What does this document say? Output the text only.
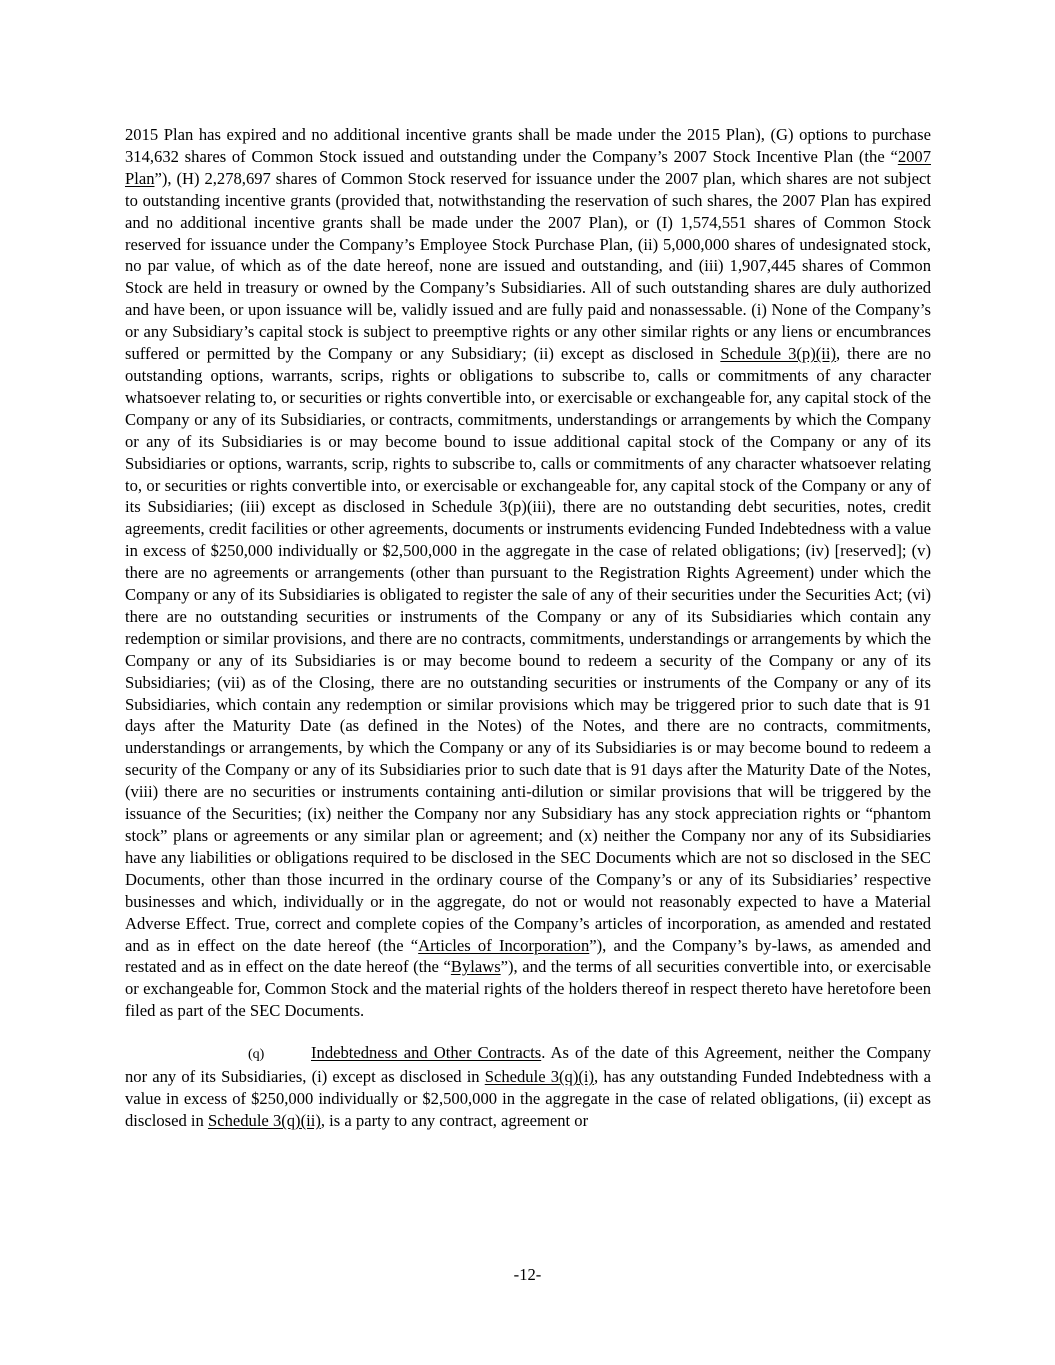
2015 Plan has expired and no additional incentive grants shall be made under the 2015 Plan), (G) options to purchase 314,632 shares of Common Stock issued and outstanding under the Company’s 2007 Stock Incentive Plan (the “2007 Plan”), (H) 2,278,697 shares of Common Stock reserved for issuance under the 2007 plan, which shares are not subject to outstanding incentive grants (provided that, notwithstanding the reservation of such shares, the 2007 Plan has expired and no additional incentive grants shall be made under the 2007 Plan), or (I) 1,574,551 shares of Common Stock reserved for issuance under the Company’s Employee Stock Purchase Plan, (ii) 5,000,000 shares of undesignated stock, no par value, of which as of the date hereof, none are issued and outstanding, and (iii) 1,907,445 shares of Common Stock are held in treasury or owned by the Company’s Subsidiaries. All of such outstanding shares are duly authorized and have been, or upon issuance will be, validly issued and are fully paid and nonassessable. (i) None of the Company’s or any Subsidiary’s capital stock is subject to preemptive rights or any other similar rights or any liens or encumbrances suffered or permitted by the Company or any Subsidiary; (ii) except as disclosed in Schedule 3(p)(ii), there are no outstanding options, warrants, scrips, rights or obligations to subscribe to, calls or commitments of any character whatsoever relating to, or securities or rights convertible into, or exercisable or exchangeable for, any capital stock of the Company or any of its Subsidiaries, or contracts, commitments, understandings or arrangements by which the Company or any of its Subsidiaries is or may become bound to issue additional capital stock of the Company or any of its Subsidiaries or options, warrants, scrip, rights to subscribe to, calls or commitments of any character whatsoever relating to, or securities or rights convertible into, or exercisable or exchangeable for, any capital stock of the Company or any of its Subsidiaries; (iii) except as disclosed in Schedule 3(p)(iii), there are no outstanding debt securities, notes, credit agreements, credit facilities or other agreements, documents or instruments evidencing Funded Indebtedness with a value in excess of $250,000 individually or $2,500,000 in the aggregate in the case of related obligations; (iv) [reserved]; (v) there are no agreements or arrangements (other than pursuant to the Registration Rights Agreement) under which the Company or any of its Subsidiaries is obligated to register the sale of any of their securities under the Securities Act; (vi) there are no outstanding securities or instruments of the Company or any of its Subsidiaries which contain any redemption or similar provisions, and there are no contracts, commitments, understandings or arrangements by which the Company or any of its Subsidiaries is or may become bound to redeem a security of the Company or any of its Subsidiaries; (vii) as of the Closing, there are no outstanding securities or instruments of the Company or any of its Subsidiaries, which contain any redemption or similar provisions which may be triggered prior to such date that is 91 days after the Maturity Date (as defined in the Notes) of the Notes, and there are no contracts, commitments, understandings or arrangements, by which the Company or any of its Subsidiaries is or may become bound to redeem a security of the Company or any of its Subsidiaries prior to such date that is 91 days after the Maturity Date of the Notes, (viii) there are no securities or instruments containing anti-dilution or similar provisions that will be triggered by the issuance of the Securities; (ix) neither the Company nor any Subsidiary has any stock appreciation rights or “phantom stock” plans or agreements or any similar plan or agreement; and (x) neither the Company nor any of its Subsidiaries have any liabilities or obligations required to be disclosed in the SEC Documents which are not so disclosed in the SEC Documents, other than those incurred in the ordinary course of the Company’s or any of its Subsidiaries’ respective businesses and which, individually or in the aggregate, do not or would not reasonably expected to have a Material Adverse Effect. True, correct and complete copies of the Company’s articles of incorporation, as amended and restated and as in effect on the date hereof (the “Articles of Incorporation”), and the Company’s by-laws, as amended and restated and as in effect on the date hereof (the “Bylaws”), and the terms of all securities convertible into, or exercisable or exchangeable for, Common Stock and the material rights of the holders thereof in respect thereto have heretofore been filed as part of the SEC Documents.

(q)	Indebtedness and Other Contracts. As of the date of this Agreement, neither the Company nor any of its Subsidiaries, (i) except as disclosed in Schedule 3(q)(i), has any outstanding Funded Indebtedness with a value in excess of $250,000 individually or $2,500,000 in the aggregate in the case of related obligations, (ii) except as disclosed in Schedule 3(q)(ii), is a party to any contract, agreement or

-12-
